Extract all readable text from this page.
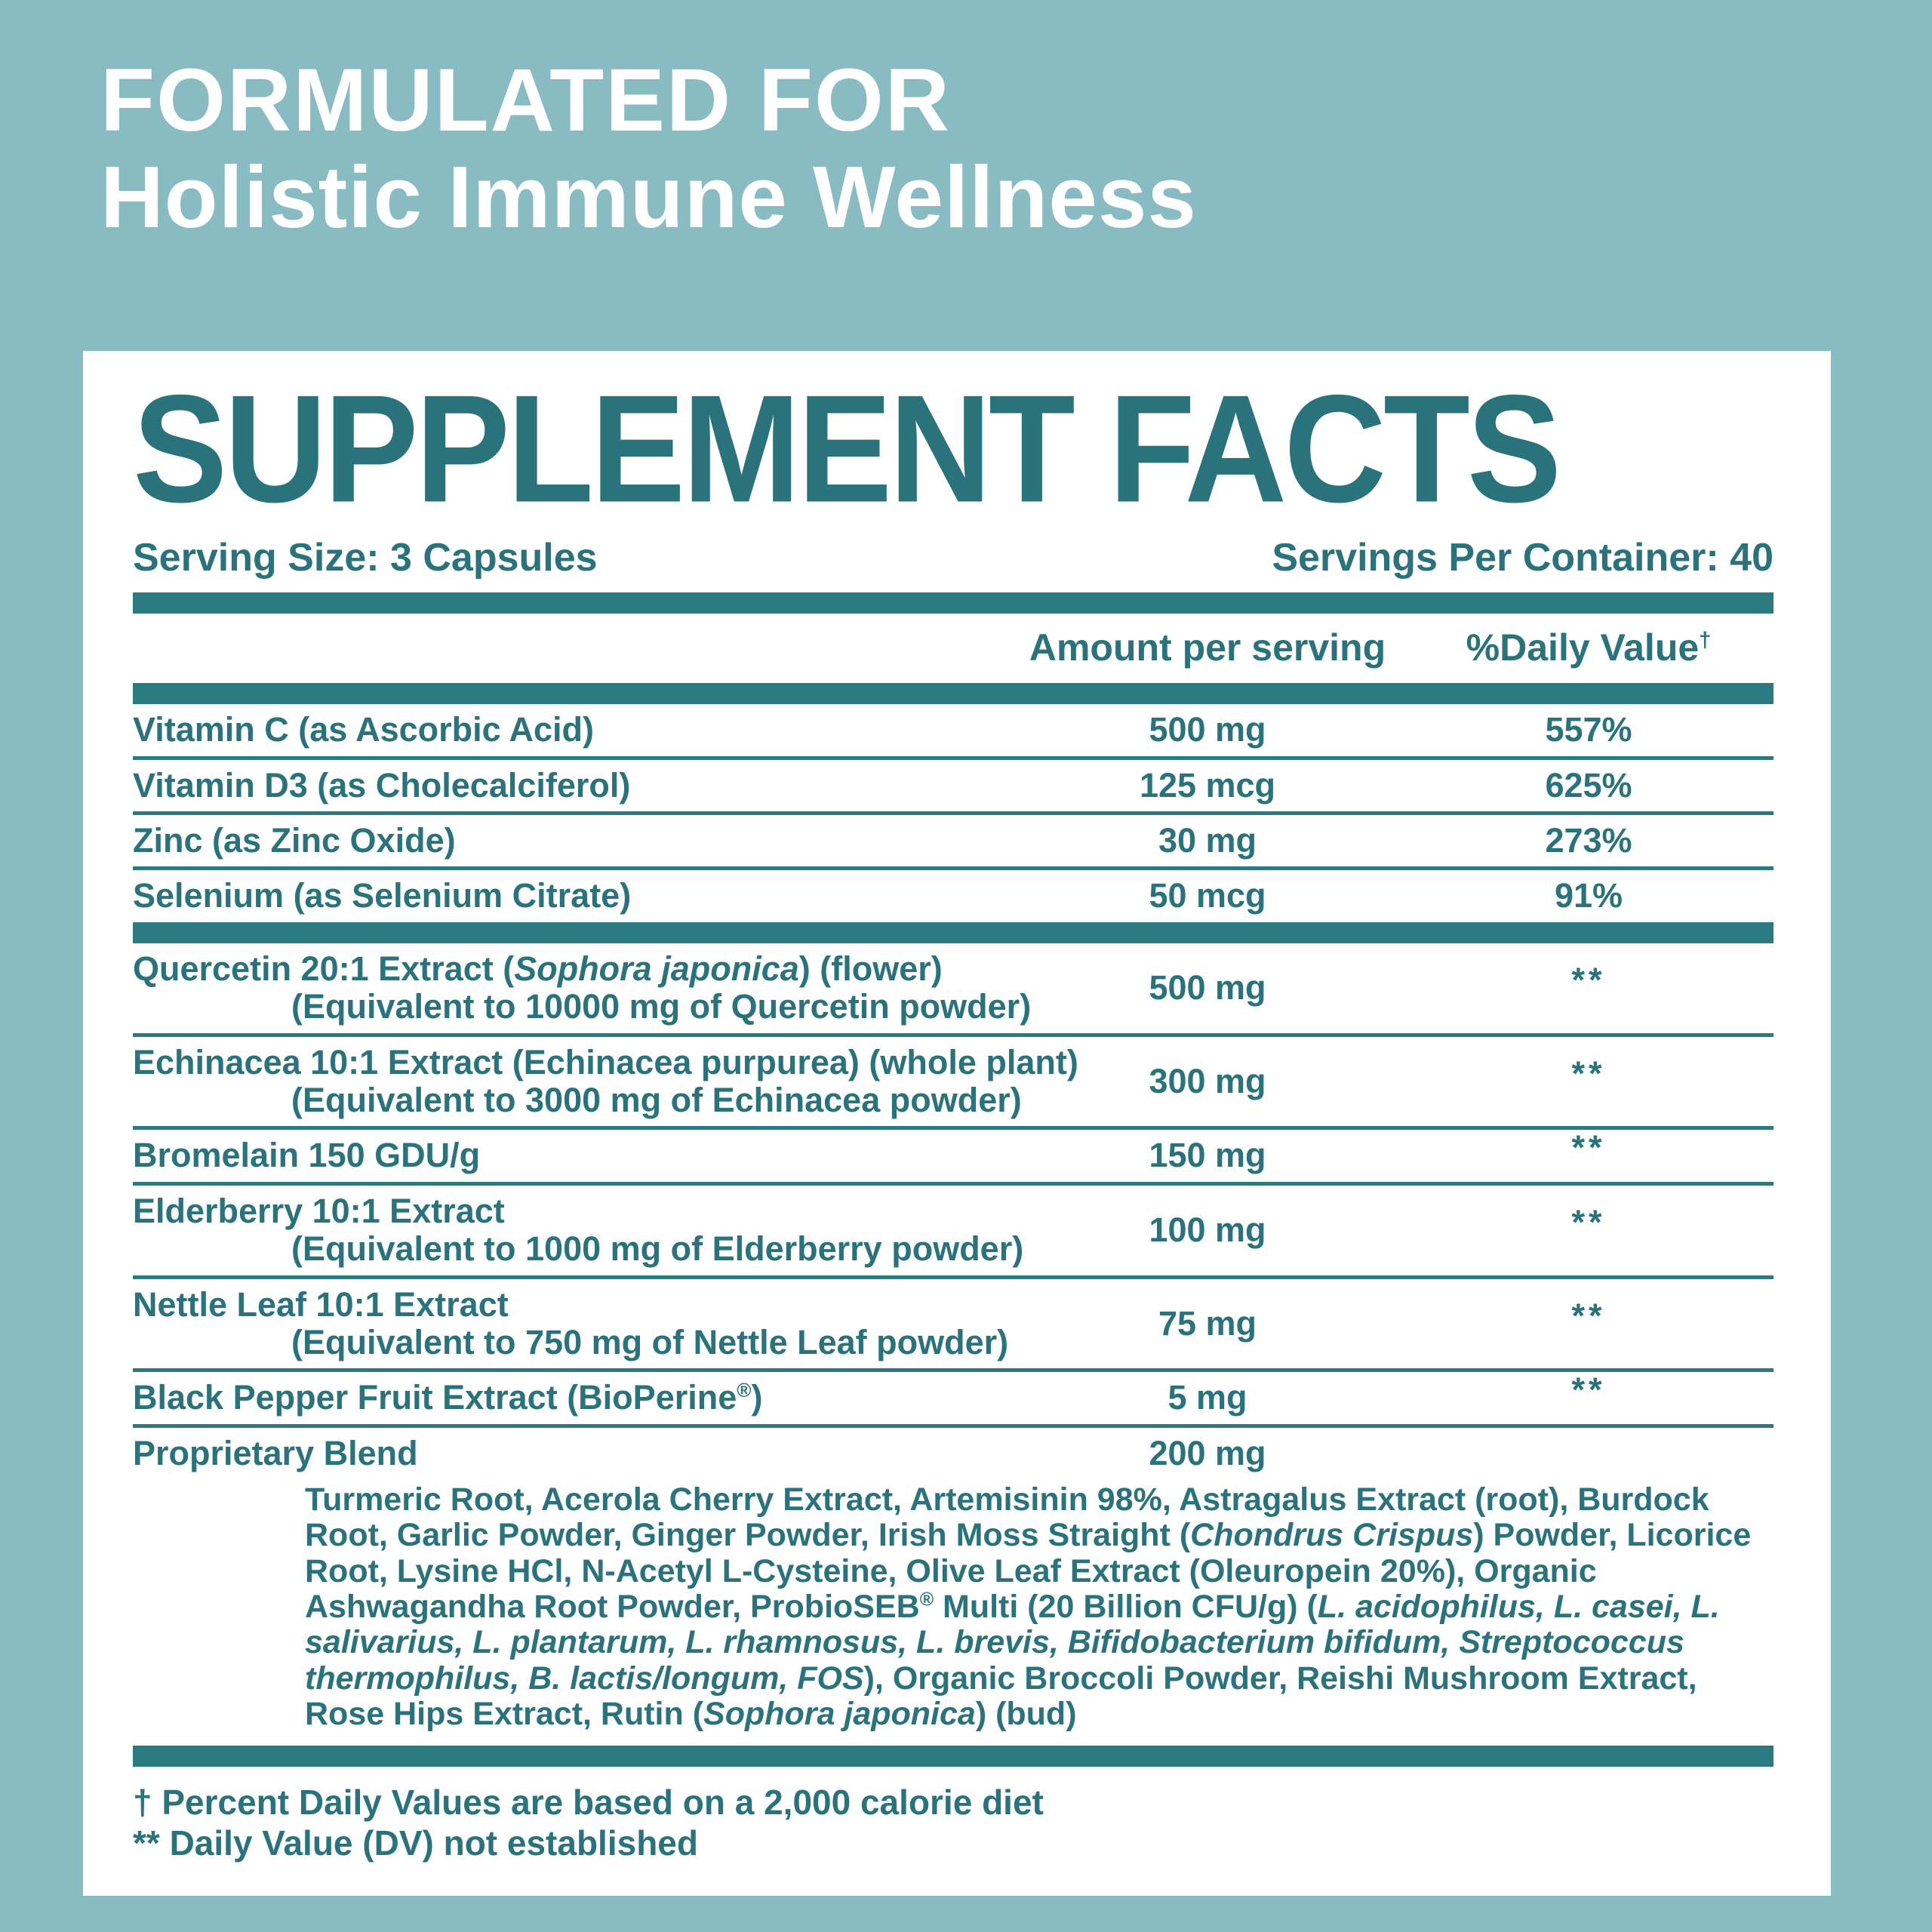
FORMULATED FOR
Holistic Immune Wellness
SUPPLEMENT FACTS
Serving Size: 3 Capsules	Servings Per Container: 40
Amount per serving	%Daily Value†
Vitamin C (as Ascorbic Acid)	500 mg	557%
Vitamin D3 (as Cholecalciferol)	125 mcg	625%
Zinc (as Zinc Oxide)	30 mg	273%
Selenium (as Selenium Citrate)	50 mcg	91%
Quercetin 20:1 Extract (Sophora japonica) (flower)
(Equivalent to 10000 mg of Quercetin powder)	500 mg	**
Echinacea 10:1 Extract (Echinacea purpurea) (whole plant)
(Equivalent to 3000 mg of Echinacea powder)	300 mg	**
Bromelain 150 GDU/g	150 mg	**
Elderberry 10:1 Extract
(Equivalent to 1000 mg of Elderberry powder)	100 mg	**
Nettle Leaf 10:1 Extract
(Equivalent to 750 mg of Nettle Leaf powder)	75 mg	**
Black Pepper Fruit Extract (BioPerine®)	5 mg	**
Proprietary Blend	200 mg
Turmeric Root, Acerola Cherry Extract, Artemisinin 98%, Astragalus Extract (root), Burdock Root, Garlic Powder, Ginger Powder, Irish Moss Straight (Chondrus Crispus) Powder, Licorice Root, Lysine HCl, N-Acetyl L-Cysteine, Olive Leaf Extract (Oleuropein 20%), Organic Ashwagandha Root Powder, ProbioSEB® Multi (20 Billion CFU/g) (L. acidophilus, L. casei, L. salivarius, L. plantarum, L. rhamnosus, L. brevis, Bifidobacterium bifidum, Streptococcus thermophilus, B. lactis/longum, FOS), Organic Broccoli Powder, Reishi Mushroom Extract, Rose Hips Extract, Rutin (Sophora japonica) (bud)
† Percent Daily Values are based on a 2,000 calorie diet
** Daily Value (DV) not established
